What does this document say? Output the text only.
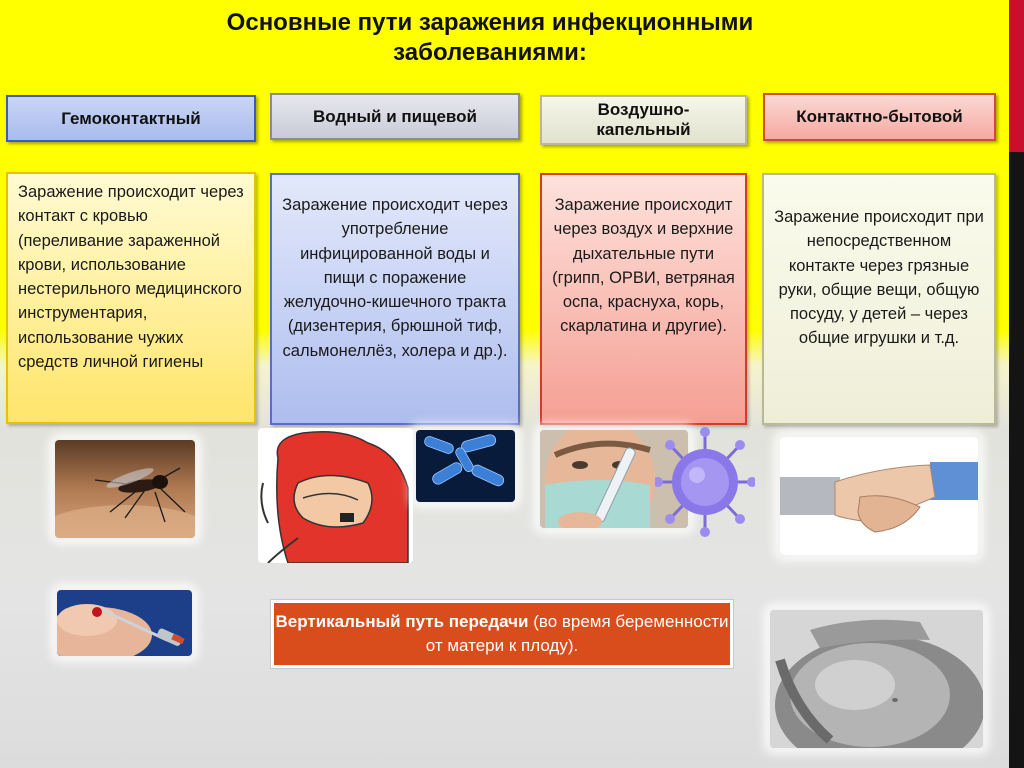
Основные пути заражения инфекционными заболеваниями:
Гемоконтактный	Водный и пищевой	Воздушно-капельный
Контактно-бытовой
Заражение происходит через контакт с кровью (переливание зараженной крови, использование нестерильного медицинского инструментария, использование чужих средств личной гигиены
Заражение происходит через употребление инфицированной воды и пищи с поражение желудочно-кишечного тракта (дизентерия, брюшной тиф, сальмонеллёз, холера и др.).
Заражение происходит через воздух и верхние дыхательные пути (грипп, ОРВИ, ветряная оспа, краснуха, корь, скарлатина и другие).
Заражение происходит при непосредственном контакте через грязные руки, общие вещи, общую посуду, у детей – через общие игрушки и т.д.
Вертикальный путь передачи (во время беременности от матери к плоду).
